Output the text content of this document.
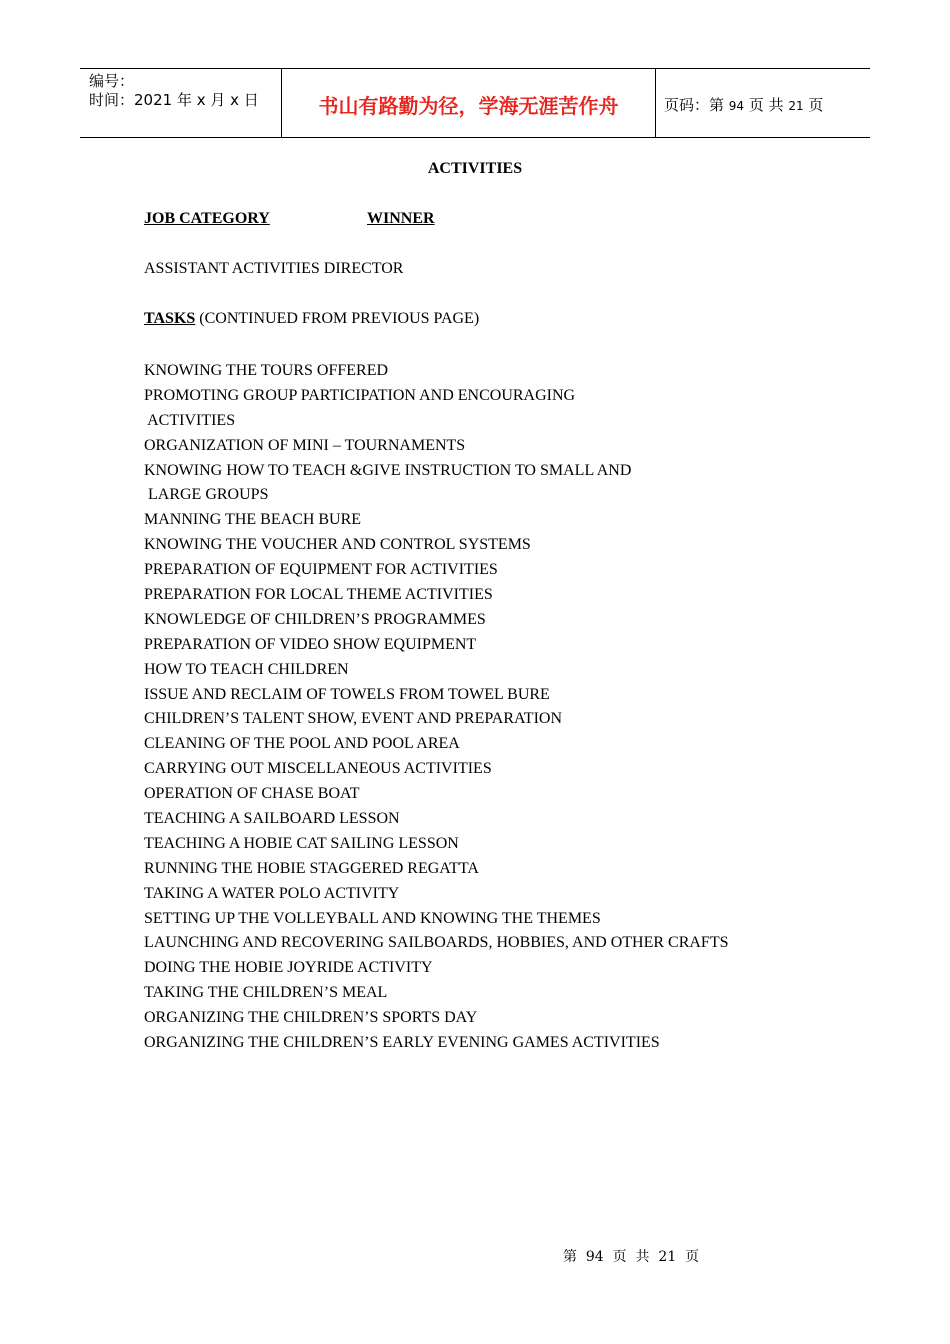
编号：
时间：2021 年 x 月 x 日	书山有路勤为径，学海无涯苦作舟	页码：第 94 页 共 21 页
ACTIVITIES
JOB CATEGORY	WINNER
ASSISTANT ACTIVITIES DIRECTOR
TASKS (CONTINUED FROM PREVIOUS PAGE)
KNOWING THE TOURS OFFERED
PROMOTING GROUP PARTICIPATION AND ENCOURAGING
ACTIVITIES
ORGANIZATION OF MINI – TOURNAMENTS
KNOWING HOW TO TEACH &GIVE INSTRUCTION TO SMALL AND
LARGE GROUPS
MANNING THE BEACH BURE
KNOWING THE VOUCHER AND CONTROL SYSTEMS
PREPARATION OF EQUIPMENT FOR ACTIVITIES
PREPARATION FOR LOCAL THEME ACTIVITIES
KNOWLEDGE OF CHILDREN’S PROGRAMMES
PREPARATION OF VIDEO SHOW EQUIPMENT
HOW TO TEACH CHILDREN
ISSUE AND RECLAIM OF TOWELS FROM TOWEL BURE
CHILDREN’S TALENT SHOW, EVENT AND PREPARATION
CLEANING OF THE POOL AND POOL AREA
CARRYING OUT MISCELLANEOUS ACTIVITIES
OPERATION OF CHASE BOAT
TEACHING A SAILBOARD LESSON
TEACHING A HOBIE CAT SAILING LESSON
RUNNING THE HOBIE STAGGERED REGATTA
TAKING A WATER POLO ACTIVITY
SETTING UP THE VOLLEYBALL AND KNOWING THE THEMES
LAUNCHING AND RECOVERING SAILBOARDS, HOBBIES, AND OTHER CRAFTS
DOING THE HOBIE JOYRIDE ACTIVITY
TAKING THE CHILDREN’S MEAL
ORGANIZING THE CHILDREN’S SPORTS DAY
ORGANIZING THE CHILDREN’S EARLY EVENING GAMES ACTIVITIES
第  94  页  共  21  页
